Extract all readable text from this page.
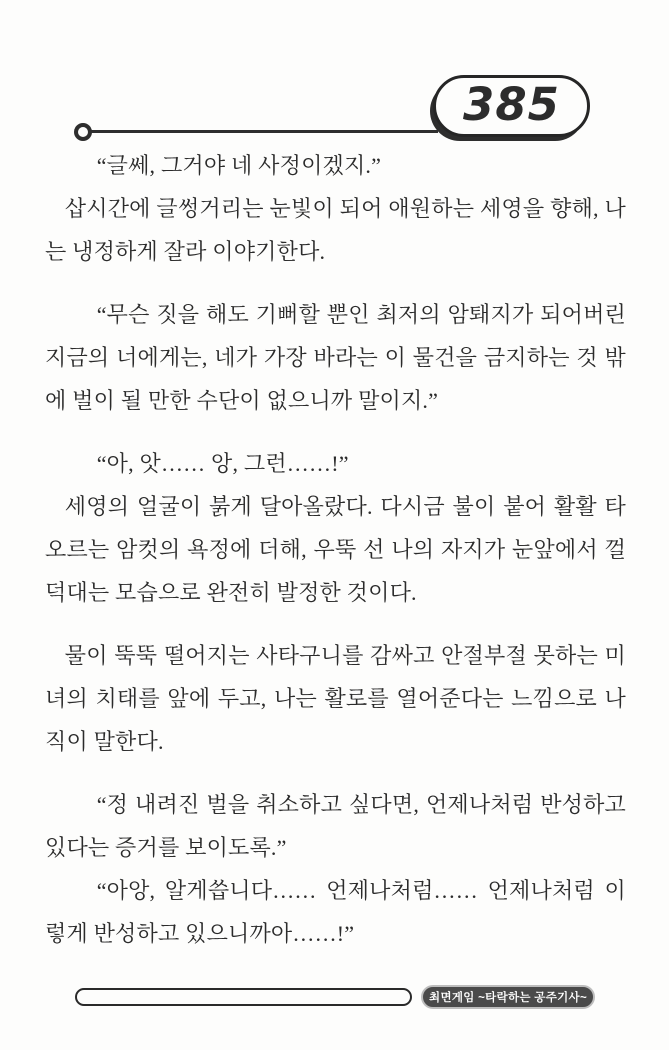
385

“글쎄, 그거야 네 사정이겠지.”

삽시간에 글썽거리는 눈빛이 되어 애원하는 세영을 향해, 나는 냉정하게 잘라 이야기한다.

“무슨 짓을 해도 기뻐할 뿐인 최저의 암퇘지가 되어버린 지금의 너에게는, 네가 가장 바라는 이 물건을 금지하는 것 밖에 벌이 될 만한 수단이 없으니까 말이지.”

“아, 앗…… 앙, 그런……!”

세영의 얼굴이 붉게 달아올랐다. 다시금 불이 붙어 활활 타오르는 암컷의 욕정에 더해, 우뚝 선 나의 자지가 눈앞에서 껄덕대는 모습으로 완전히 발정한 것이다.

물이 뚝뚝 떨어지는 사타구니를 감싸고 안절부절 못하는 미녀의 치태를 앞에 두고, 나는 활로를 열어준다는 느낌으로 나직이 말한다.

“정 내려진 벌을 취소하고 싶다면, 언제나처럼 반성하고 있다는 증거를 보이도록.”

“아앙, 알게씁니다…… 언제나처럼…… 언제나처럼 이렇게 반성하고 있으니까아……!”

최면게임 ~타락하는 공주기사~
